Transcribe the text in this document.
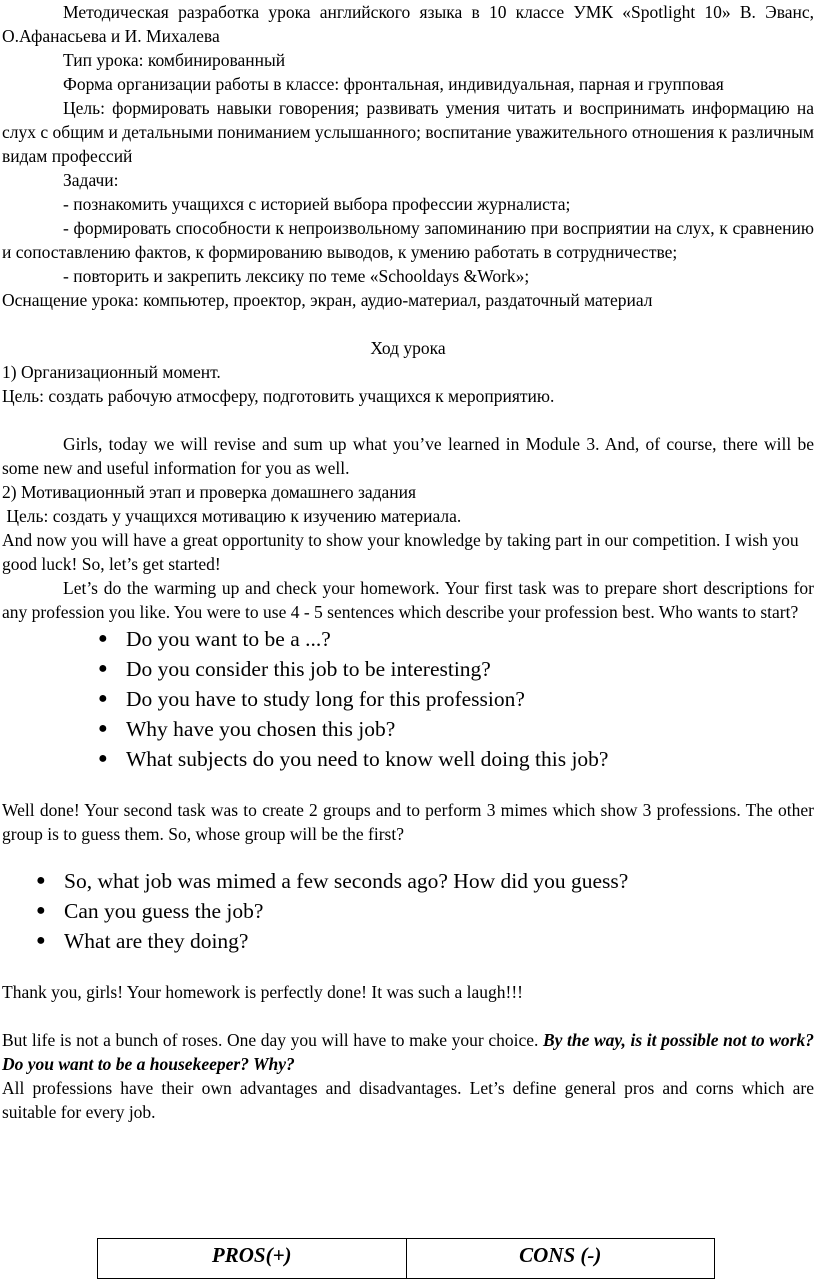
Методическая разработка урока английского языка в 10 классе УМК «Spotlight 10» В. Эванс, О.Афанасьева и И. Михалева

Тип урока: комбинированный

Форма организации работы в классе: фронтальная, индивидуальная, парная и групповая

Цель: формировать навыки говорения; развивать умения читать и воспринимать информацию на слух с общим и детальными пониманием услышанного; воспитание уважительного отношения к различным видам профессий

Задачи:

- познакомить учащихся с историей выбора профессии журналиста;

- формировать способности к непроизвольному запоминанию при восприятии на слух, к сравнению и сопоставлению фактов, к формированию выводов, к умению работать в сотрудничестве;

- повторить и закрепить лексику по теме «Schooldays &Work»;

Оснащение урока: компьютер, проектор, экран, аудио-материал, раздаточный материал

Ход урока

1) Организационный момент.

Цель: создать рабочую атмосферу, подготовить учащихся к мероприятию.

Girls, today we will revise and sum up what you’ve learned in Module 3. And, of course, there will be some new and useful information for you as well.

2) Мотивационный этап и проверка домашнего задания

Цель: создать у учащихся мотивацию к изучению материала.

And now you will have a great opportunity to show your knowledge by taking part in our competition. I wish you good luck! So, let’s get started!

Let’s do the warming up and check your homework. Your first task was to prepare short descriptions for any profession you like. You were to use 4 - 5 sentences which describe your profession best. Who wants to start?

● Do you want to be a ...?
● Do you consider this job to be interesting?
● Do you have to study long for this profession?
● Why have you chosen this job?
● What subjects do you need to know well doing this job?

Well done! Your second task was to create 2 groups and to perform 3 mimes which show 3 professions. The other group is to guess them. So, whose group will be the first?

● So, what job was mimed a few seconds ago? How did you guess?
● Can you guess the job?
● What are they doing?

Thank you, girls! Your homework is perfectly done! It was such a laugh!!!

But life is not a bunch of roses. One day you will have to make your choice. By the way, is it possible not to work? Do you want to be a housekeeper? Why?

All professions have their own advantages and disadvantages. Let’s define general pros and corns which are suitable for every job.

PROS(+)	CONS (-)
